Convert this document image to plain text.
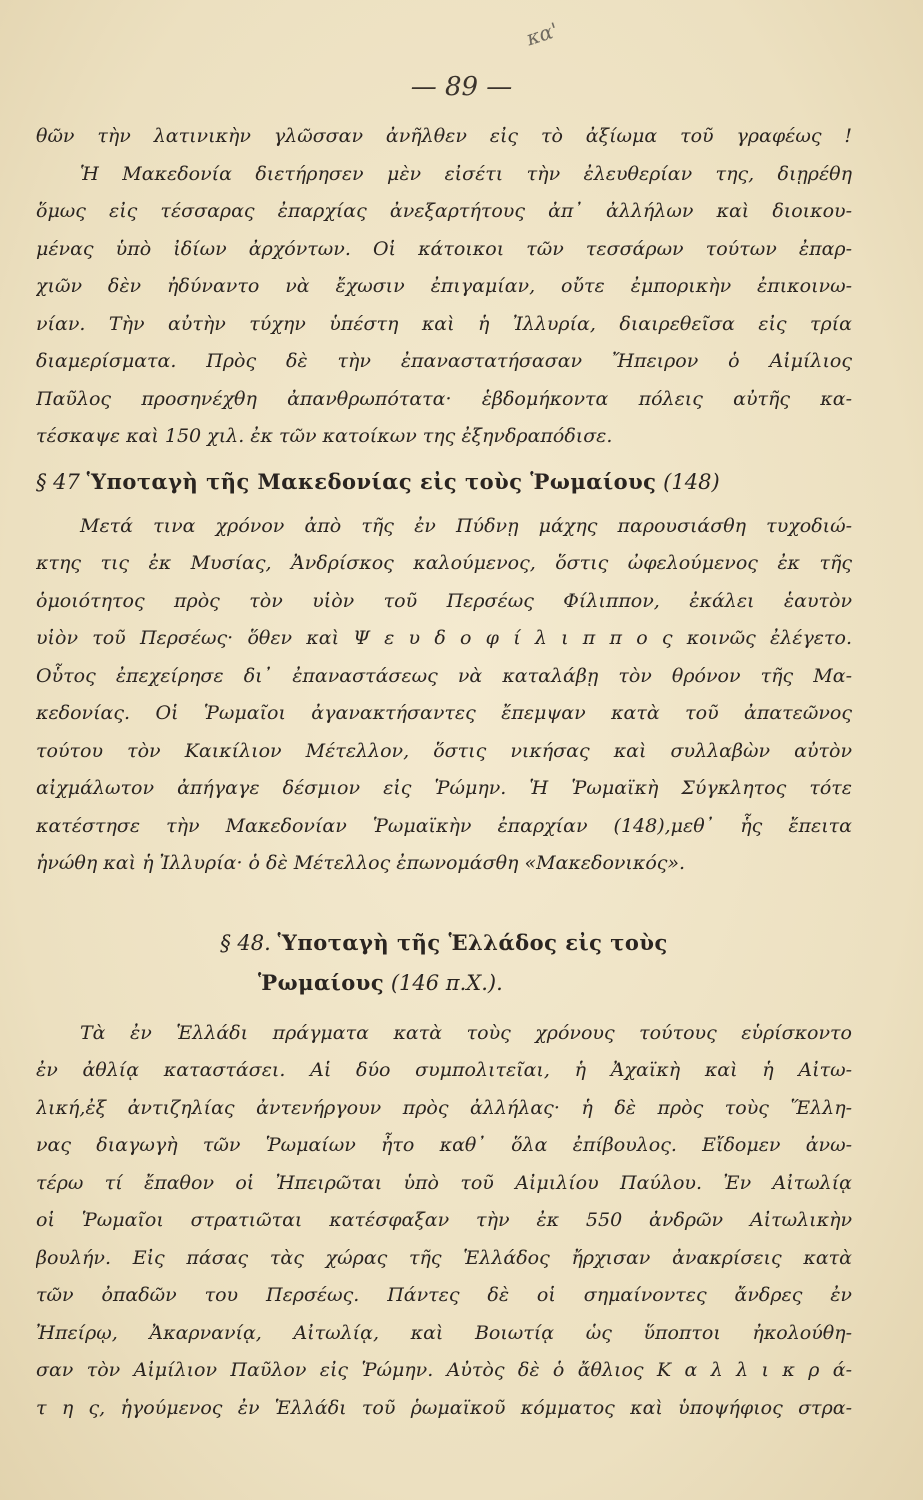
κα'
— 89 —
θῶν τὴν λατινικὴν γλῶσσαν ἀνῆλθεν εἰς τὸ ἀξίωμα τοῦ γραφέως !
Ἡ Μακεδονία διετήρησεν μὲν εἰσέτι τὴν ἐλευθερίαν της, διῃρέθη
ὅμως εἰς τέσσαρας ἐπαρχίας ἀνεξαρτήτους ἀπ᾽ ἀλλήλων καὶ διοικου-
μένας ὑπὸ ἰδίων ἀρχόντων. Οἱ κάτοικοι τῶν τεσσάρων τούτων ἐπαρ-
χιῶν δὲν ἠδύναντο νὰ ἔχωσιν ἐπιγαμίαν, οὔτε ἐμπορικὴν ἐπικοινω-
νίαν. Τὴν αὐτὴν τύχην ὑπέστη καὶ ἡ Ἰλλυρία, διαιρεθεῖσα εἰς τρία
διαμερίσματα. Πρὸς δὲ τὴν ἐπαναστατήσασαν Ἤπειρον ὁ Αἰμίλιος
Παῦλος προσηνέχθη ἀπανθρωπότατα· ἑβδομήκοντα πόλεις αὐτῆς κα-
τέσκαψε καὶ 150 χιλ. ἐκ τῶν κατοίκων της ἐξηνδραπόδισε.
§ 47 Ὑποταγὴ τῆς Μακεδονίας εἰς τοὺς Ῥωμαίους (148)
Μετά τινα χρόνον ἀπὸ τῆς ἐν Πύδνῃ μάχης παρουσιάσθη τυχοδιώ-
κτης τις ἐκ Μυσίας, Ἀνδρίσκος καλούμενος, ὅστις ὠφελούμενος ἐκ τῆς
ὁμοιότητος πρὸς τὸν υἱὸν τοῦ Περσέως Φίλιππον, ἐκάλει ἑαυτὸν
υἱὸν τοῦ Περσέως· ὅθεν καὶ Ψ ε υ δ ο φ ί λ ι π π ο ς κοινῶς ἐλέγετο.
Οὗτος ἐπεχείρησε δι᾽ ἐπαναστάσεως νὰ καταλάβῃ τὸν θρόνον τῆς Μα-
κεδονίας. Οἱ Ῥωμαῖοι ἀγανακτήσαντες ἔπεμψαν κατὰ τοῦ ἀπατεῶνος
τούτου τὸν Καικίλιον Μέτελλον, ὅστις νικήσας καὶ συλλαβὼν αὐτὸν
αἰχμάλωτον ἀπήγαγε δέσμιον εἰς Ῥώμην. Ἡ Ῥωμαϊκὴ Σύγκλητος τότε
κατέστησε τὴν Μακεδονίαν Ῥωμαϊκὴν ἐπαρχίαν (148),μεθ᾽ ἧς ἔπειτα
ἡνώθη καὶ ἡ Ἰλλυρία· ὁ δὲ Μέτελλος ἐπωνομάσθη «Μακεδονικός».
§ 48. Ὑποταγὴ τῆς Ἑλλάδος εἰς τοὺς
Ῥωμαίους (146 π.Χ.).
Τὰ ἐν Ἑλλάδι πράγματα κατὰ τοὺς χρόνους τούτους εὑρίσκοντο
ἐν ἀθλίᾳ καταστάσει. Αἱ δύο συμπολιτεῖαι, ἡ Ἀχαϊκὴ καὶ ἡ Αἰτω-
λική,ἐξ ἀντιζηλίας ἀντενήργουν πρὸς ἀλλήλας· ἡ δὲ πρὸς τοὺς Ἕλλη-
νας διαγωγὴ τῶν Ῥωμαίων ἦτο καθ᾽ ὅλα ἐπίβουλος. Εἴδομεν ἀνω-
τέρω τί ἔπαθον οἱ Ἠπειρῶται ὑπὸ τοῦ Αἰμιλίου Παύλου. Ἐν Αἰτωλίᾳ
οἱ Ῥωμαῖοι στρατιῶται κατέσφαξαν τὴν ἐκ 550 ἀνδρῶν Αἰτωλικὴν
βουλήν. Εἰς πάσας τὰς χώρας τῆς Ἑλλάδος ἤρχισαν ἀνακρίσεις κατὰ
τῶν ὀπαδῶν του Περσέως. Πάντες δὲ οἱ σημαίνοντες ἄνδρες ἐν
Ἠπείρῳ, Ἀκαρνανίᾳ, Αἰτωλίᾳ, καὶ Βοιωτίᾳ ὡς ὕποπτοι ἠκολούθη-
σαν τὸν Αἰμίλιον Παῦλον εἰς Ῥώμην. Αὐτὸς δὲ ὁ ἄθλιος Κ α λ λ ι κ ρ ά-
τ η ς, ἡγούμενος ἐν Ἑλλάδι τοῦ ῥωμαϊκοῦ κόμματος καὶ ὑποψήφιος στρα-
